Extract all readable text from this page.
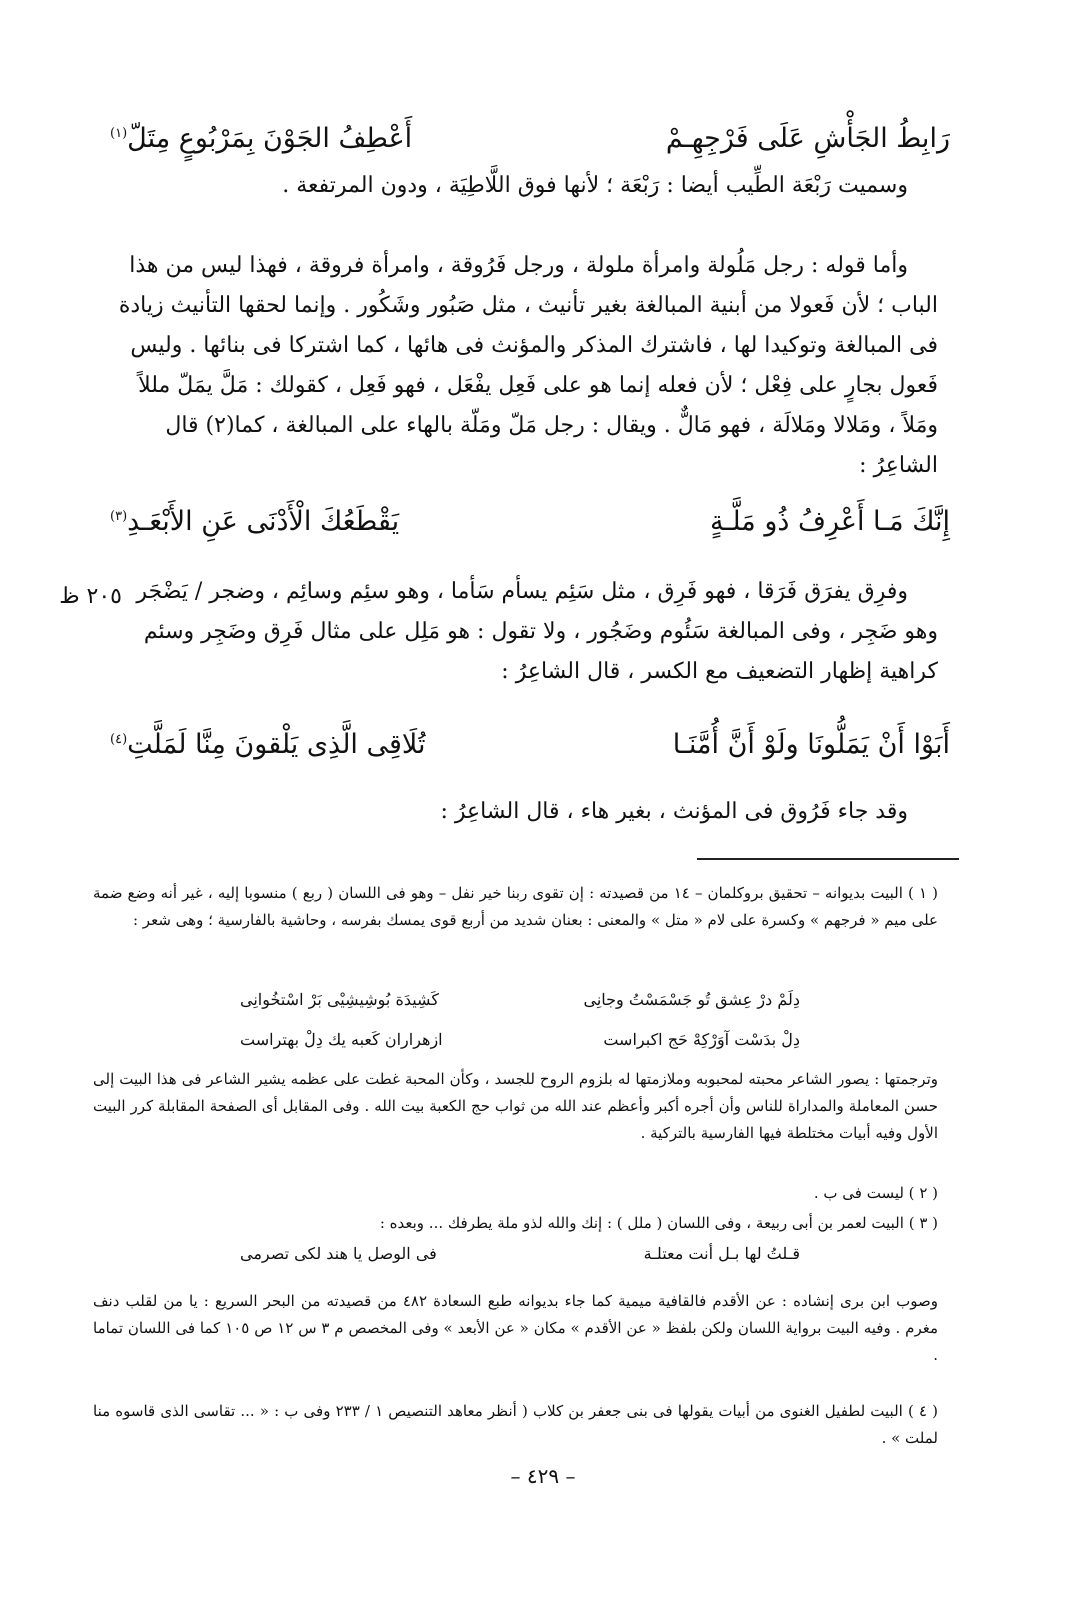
رَابِطُ الجَأْشِ عَلَى فَرْجِهِـمْ
أَعْطِفُ الجَوْنَ بِمَرْبُوعٍ مِتَلّ$^{(١)}$
وسميت رَبْعَة الطِّيب أيضا : رَبْعَة ؛ لأنها فوق اللَّاطِيَة ، ودون المرتفعة .
وأما قوله : رجل مَلُولة وامرأة ملولة ، ورجل فَرُوقة ، وامرأة فروقة ، فهذا ليس من هذا الباب ؛ لأن فَعولا من أبنية المبالغة بغير تأنيث ، مثل صَبُور وشَكُور . وإنما لحقها التأنيث زيادة فى المبالغة وتوكيدا لها ، فاشترك المذكر والمؤنث فى هائها ، كما اشتركا فى بنائها . وليس فَعول بجارٍ على فِعْل ؛ لأن فعله إنما هو على فَعِل يفْعَل ، فهو فَعِل ، كقولك : مَلَّ يمَلّ مللاً ومَلاً ، ومَلالا ومَلالَة ، فهو مَالٌّ . ويقال : رجل مَلّ ومَلّة بالهاء على المبالغة ، كما(٢) قال الشاعِرُ :
إِنَّكَ مَـا أَعْرِفُ ذُو مَلَّـةٍ
يَقْطَعُكَ الْأَدْنَى عَنِ الأَبْعَـدِ$^{(٣)}$
٢٠٥ ظ وفرِق يفرَق فَرَقا ، فهو فَرِق ، مثل سَئِم يسأم سَأما ، وهو سئِم وسائِم ، وضجر / يَضْجَر وهو ضَجِر ، وفى المبالغة سَئُوم وضَجُور ، ولا تقول : هو مَلِل على مثال فَرِق وضَجِر وسئم كراهية إظهار التضعيف مع الكسر ، قال الشاعِرُ :
أَبَوْا أَنْ يَمَلُّونَا ولَوْ أَنَّ أُمَّنَـا
تُلَاقِى الَّذِى يَلْقونَ مِنَّا لَمَلَّتِ$^{(٤)}$
وقد جاء فَرُوق فى المؤنث ، بغير هاء ، قال الشاعِرُ :
( ١ ) البيت بديوانه – تحقيق بروكلمان – ١٤ من قصيدته : إن تقوى ربنا خير نفل – وهو فى اللسان ( ربع ) منسوبا إليه ، غير أنه وضع ضمة على ميم « فرجهم » وكسرة على لام « متل » والمعنى : بعنان شديد من أربع قوى يمسك بفرسه ، وحاشية بالفارسية ؛ وهى شعر :
دِلَمْ درْ عِشق تُو جَسْمَسْتُ وجانِى
كَشِيدَة بُوشِيشِيْى بَرْ اسْتخُوانِى
دِلْ بدَسْت آوَرْكِهْ حَج اكبراست
ازهراران كَعبه يك دِلْ بهتراست
وترجمتها : يصور الشاعر محبته لمحبوبه وملازمتها له بلزوم الروح للجسد ، وكأن المحبة غطت على عظمه يشير الشاعر فى هذا البيت إلى حسن المعاملة والمداراة للناس وأن أجره أكبر وأعظم عند الله من ثواب حج الكعبة بيت الله . وفى المقابل أى الصفحة المقابلة كرر البيت الأول وفيه أبيات مختلطة فيها الفارسية بالتركية .
( ٢ ) ليست فى ب .
( ٣ ) البيت لعمر بن أبى ربيعة ، وفى اللسان ( ملل ) : إنك والله لذو ملة يطرفك ... وبعده :
قـلتُ لها بـل أنت معتلـة
فى الوصل يا هند لكى تصرمى
وصوب ابن برى إنشاده : عن الأقدم فالقافية ميمية كما جاء بديوانه طبع السعادة ٤٨٢ من قصيدته من البحر السريع : يا من لقلب دنف مغرم . وفيه البيت برواية اللسان ولكن بلفظ « عن الأقدم » مكان « عن الأبعد » وفى المخصص م ٣ س ١٢ ص ١٠٥ كما فى اللسان تماما .
( ٤ ) البيت لطفيل الغنوى من أبيات يقولها فى بنى جعفر بن كلاب ( أنظر معاهد التنصيص ١ / ٢٣٣ وفى ب : « ... تقاسى الذى قاسوه منا لملت » .
– ٤٢٩ –
